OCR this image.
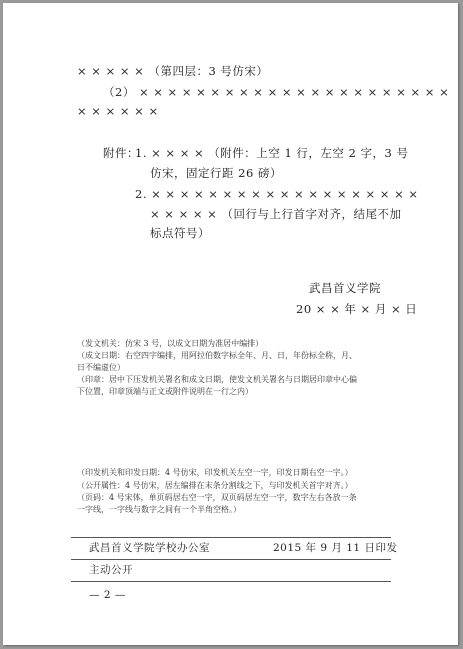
× × × × × （第四层：3 号仿宋）
（2） × × × × × × × × × × × × × × × × × × × × × ×
× × × × × ×
附件：
1. × × × × （附件：上空 1 行，左空 2 字，3 号
仿宋，固定行距 26 磅）
2. × × × × × × × × × × × × × × × × × × ×
× × × × × （回行与上行首字对齐，结尾不加
标点符号）
武昌首义学院
20 × × 年 × 月 × 日
（发文机关：仿宋 3 号，以成文日期为准居中编排）
（成文日期：右空四字编排，用阿拉伯数字标全年、月、日，年份标全称，月、
日不编虚位）
（印章：居中下压发机关署名和成文日期，使发文机关署名与日期居印章中心偏
下位置，印章顶端与正文或附件说明在一行之内）
（印发机关和印发日期：4 号仿宋，印发机关左空一字，印发日期右空一字。）
（公开属性：4 号仿宋，居左编排在末条分割线之下，与印发机关首字对齐。）
（页码：4 号宋体，单页码居右空一字，双页码居左空一字，数字左右各放一条
一字线，一字线与数字之间有一个半角空格。）
武昌首义学院学校办公室	2015 年 9 月 11 日印发
主动公开
— 2 —
